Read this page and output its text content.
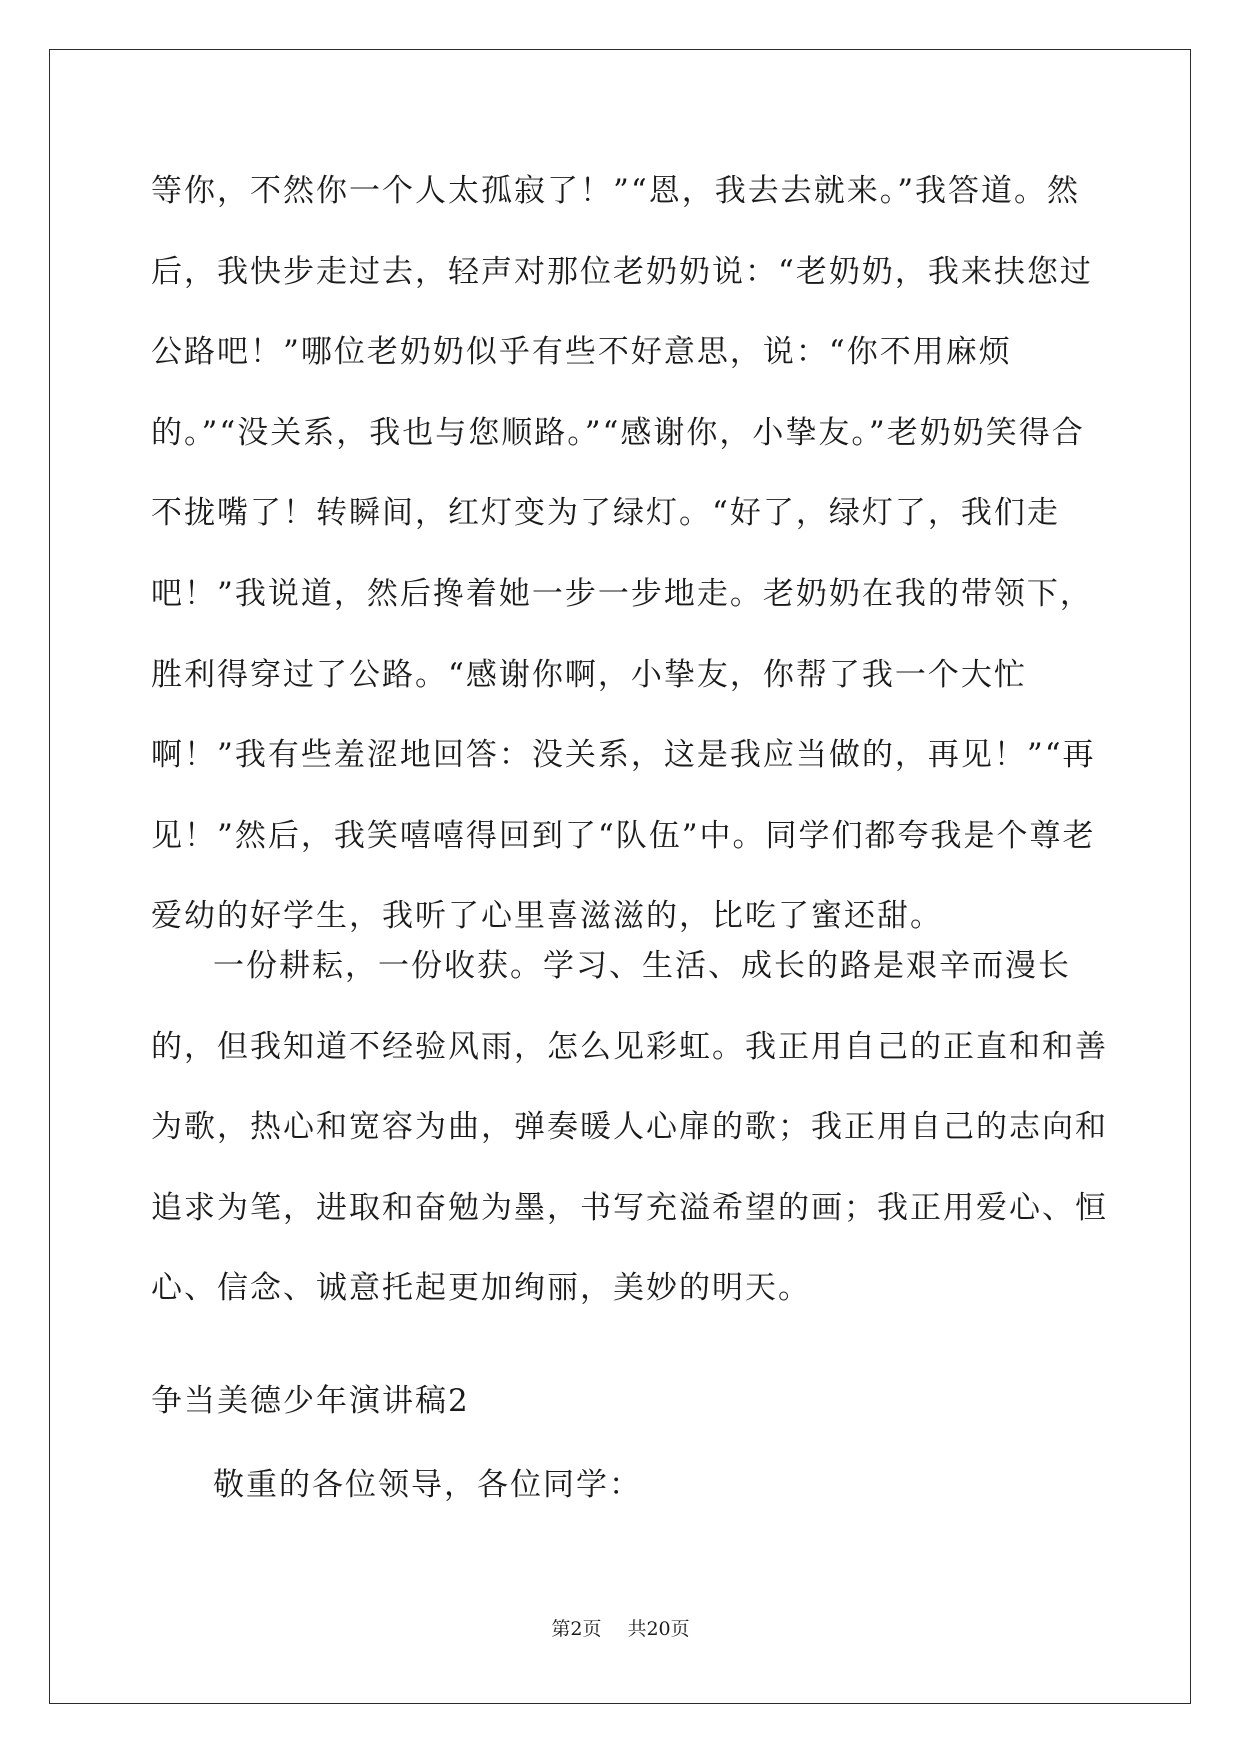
等你，不然你一个人太孤寂了！”“恩，我去去就来。”我答道。然后，我快步走过去，轻声对那位老奶奶说：“老奶奶，我来扶您过公路吧！”哪位老奶奶似乎有些不好意思，说：“你不用麻烦的。”“没关系，我也与您顺路。”“感谢你，小挚友。”老奶奶笑得合不拢嘴了！转瞬间，红灯变为了绿灯。“好了，绿灯了，我们走吧！”我说道，然后搀着她一步一步地走。老奶奶在我的带领下，胜利得穿过了公路。“感谢你啊，小挚友，你帮了我一个大忙啊！”我有些羞涩地回答：没关系，这是我应当做的，再见！”“再见！”然后，我笑嘻嘻得回到了“队伍”中。同学们都夸我是个尊老爱幼的好学生，我听了心里喜滋滋的，比吃了蜜还甜。

一份耕耘，一份收获。学习、生活、成长的路是艰辛而漫长的，但我知道不经验风雨，怎么见彩虹。我正用自己的正直和和善为歌，热心和宽容为曲，弹奏暖人心扉的歌；我正用自己的志向和追求为笔，进取和奋勉为墨，书写充溢希望的画；我正用爱心、恒心、信念、诚意托起更加绚丽，美妙的明天。

争当美德少年演讲稿2

敬重的各位领导，各位同学：

第2页 共20页
